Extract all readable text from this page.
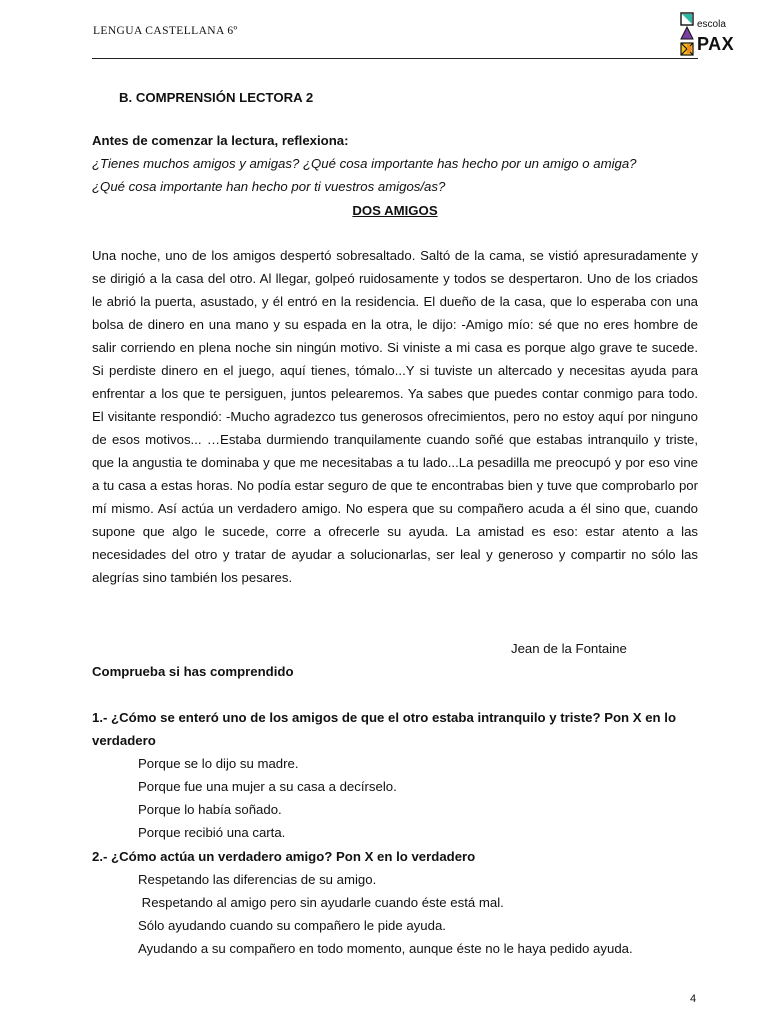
LENGUA CASTELLANA 6º
escola
PAX
B. COMPRENSIÓN LECTORA 2
Antes de comenzar la lectura, reflexiona:
¿Tienes muchos amigos y amigas? ¿Qué cosa importante has hecho por un amigo o amiga?
¿Qué cosa importante han hecho por ti vuestros amigos/as?
DOS AMIGOS
Una noche, uno de los amigos despertó sobresaltado. Saltó de la cama, se vistió apresuradamente y se dirigió a la casa del otro. Al llegar, golpeó ruidosamente y todos se despertaron. Uno de los criados le abrió la puerta, asustado, y él entró en la residencia. El dueño de la casa, que lo esperaba con una bolsa de dinero en una mano y su espada en la otra, le dijo: -Amigo mío: sé que no eres hombre de salir corriendo en plena noche sin ningún motivo. Si viniste a mi casa es porque algo grave te sucede. Si perdiste dinero en el juego, aquí tienes, tómalo...Y si tuviste un altercado y necesitas ayuda para enfrentar a los que te persiguen, juntos pelearemos. Ya sabes que puedes contar conmigo para todo. El visitante respondió: -Mucho agradezco tus generosos ofrecimientos, pero no estoy aquí por ninguno de esos motivos... …Estaba durmiendo tranquilamente cuando soñé que estabas intranquilo y triste, que la angustia te dominaba y que me necesitabas a tu lado...La pesadilla me preocupó y por eso vine a tu casa a estas horas. No podía estar seguro de que te encontrabas bien y tuve que comprobarlo por mí mismo. Así actúa un verdadero amigo. No espera que su compañero acuda a él sino que, cuando supone que algo le sucede, corre a ofrecerle su ayuda. La amistad es eso: estar atento a las necesidades del otro y tratar de ayudar a solucionarlas, ser leal y generoso y compartir no sólo las alegrías sino también los pesares.
Jean de la Fontaine
Comprueba si has comprendido
1.- ¿Cómo se enteró uno de los amigos de que el otro estaba intranquilo y triste? Pon X en lo verdadero
Porque se lo dijo su madre.
Porque fue una mujer a su casa a decírselo.
Porque lo había soñado.
Porque recibió una carta.
2.- ¿Cómo actúa un verdadero amigo? Pon X en lo verdadero
Respetando las diferencias de su amigo.
Respetando al amigo pero sin ayudarle cuando éste está mal.
Sólo ayudando cuando su compañero le pide ayuda.
Ayudando a su compañero en todo momento, aunque éste no le haya pedido ayuda.
4
